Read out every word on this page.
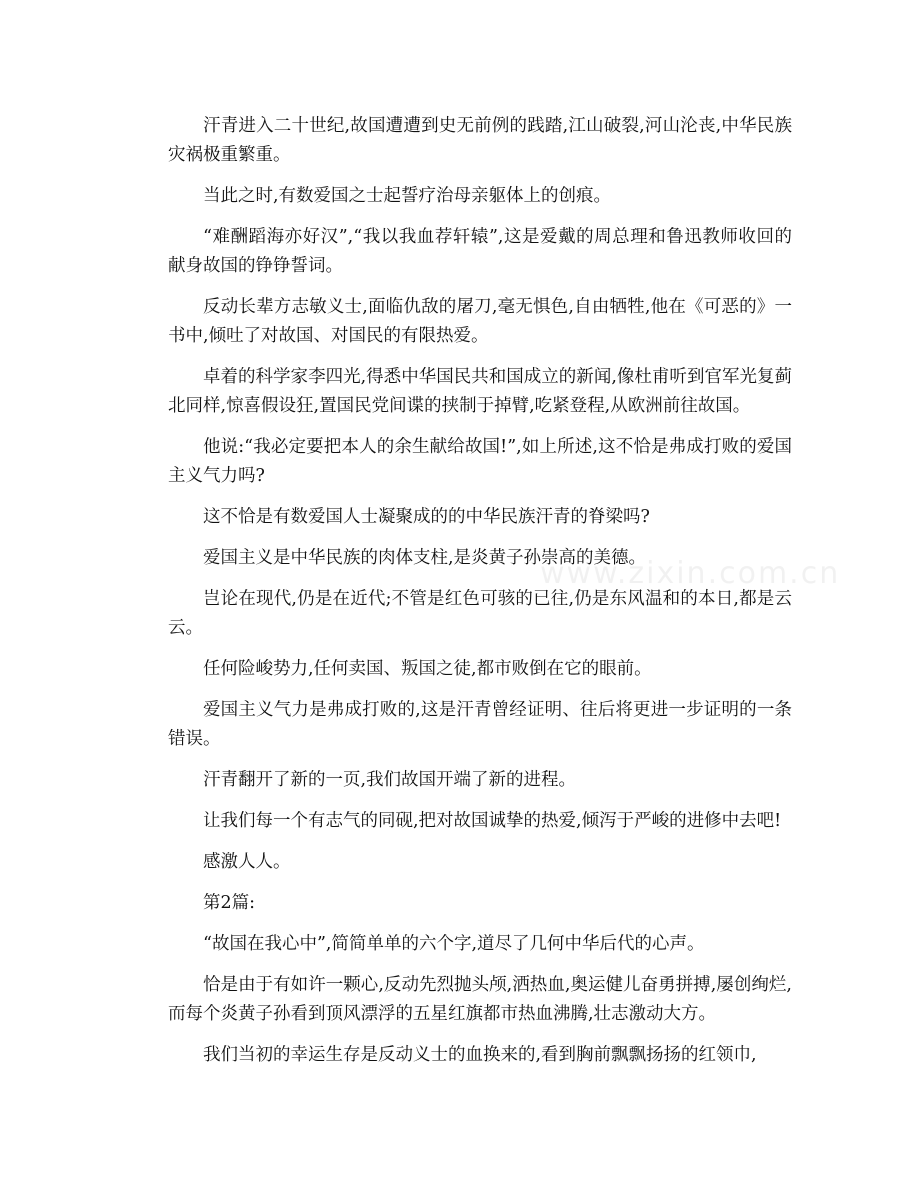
汗青进入二十世纪,故国遭遭到史无前例的践踏,江山破裂,河山沦丧,中华民族灾祸极重繁重。

当此之时,有数爱国之士起誓疗治母亲躯体上的创痕。

“难酬蹈海亦好汉”,“我以我血荐轩辕”,这是爱戴的周总理和鲁迅教师收回的献身故国的铮铮誓词。

反动长辈方志敏义士,面临仇敌的屠刀,毫无惧色,自由牺牲,他在《可恶的》一书中,倾吐了对故国、对国民的有限热爱。

卓着的科学家李四光,得悉中华国民共和国成立的新闻,像杜甫听到官军光复蓟北同样,惊喜假设狂,置国民党间谍的挟制于掉臂,吃紧登程,从欧洲前往故国。

他说:“我必定要把本人的余生献给故国!”,如上所述,这不恰是弗成打败的爱国主义气力吗?

这不恰是有数爱国人士凝聚成的的中华民族汗青的脊梁吗?

爱国主义是中华民族的肉体支柱,是炎黄子孙崇高的美德。

岂论在现代,仍是在近代;不管是红色可骇的已往,仍是东风温和的本日,都是云云。

任何险峻势力,任何卖国、叛国之徒,都市败倒在它的眼前。

爱国主义气力是弗成打败的,这是汗青曾经证明、往后将更进一步证明的一条错误。

汗青翻开了新的一页,我们故国开端了新的进程。

让我们每一个有志气的同砚,把对故国诚挚的热爱,倾泻于严峻的进修中去吧!

感激人人。

第2篇:

“故国在我心中”,简简单单的六个字,道尽了几何中华后代的心声。

恰是由于有如许一颗心,反动先烈抛头颅,洒热血,奥运健儿奋勇拼搏,屡创绚烂,而每个炎黄子孙看到顶风漂浮的五星红旗都市热血沸腾,壮志激动大方。

我们当初的幸运生存是反动义士的血换来的,看到胸前飘飘扬扬的红领巾,

www.zixin.com.cn
